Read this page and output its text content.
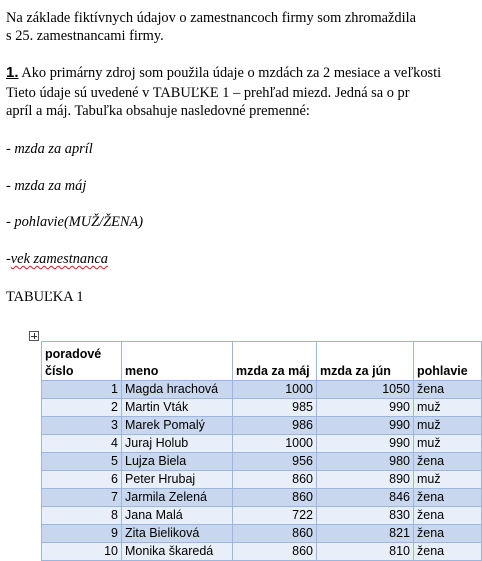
Na základe fiktívnych údajov o zamestnancoch firmy som zhromaždila
s 25. zamestnancami firmy.
1. Ako primárny zdroj som použila údaje o mzdách za 2 mesiace a veľkosti
Tieto údaje sú uvedené v TABUĽKE 1 – prehľad miezd. Jedná sa o pr
apríl a máj. Tabuľka obsahuje nasledovné premenné:
- mzda za apríl
- mzda za máj
- pohlavie(MUŽ/ŽENA)
-vek zamestnanca
TABUĽKA 1
poradové číslo	meno	mzda za máj	mzda za jún	pohlavie
1	Magda hrachová	1000	1050	žena
2	Martin Vták	985	990	muž
3	Marek Pomalý	986	990	muž
4	Juraj Holub	1000	990	muž
5	Lujza Biela	956	980	žena
6	Peter Hrubaj	860	890	muž
7	Jarmila Zelená	860	846	žena
8	Jana Malá	722	830	žena
9	Zita Bieliková	860	821	žena
10	Monika škaredá	860	810	žena
